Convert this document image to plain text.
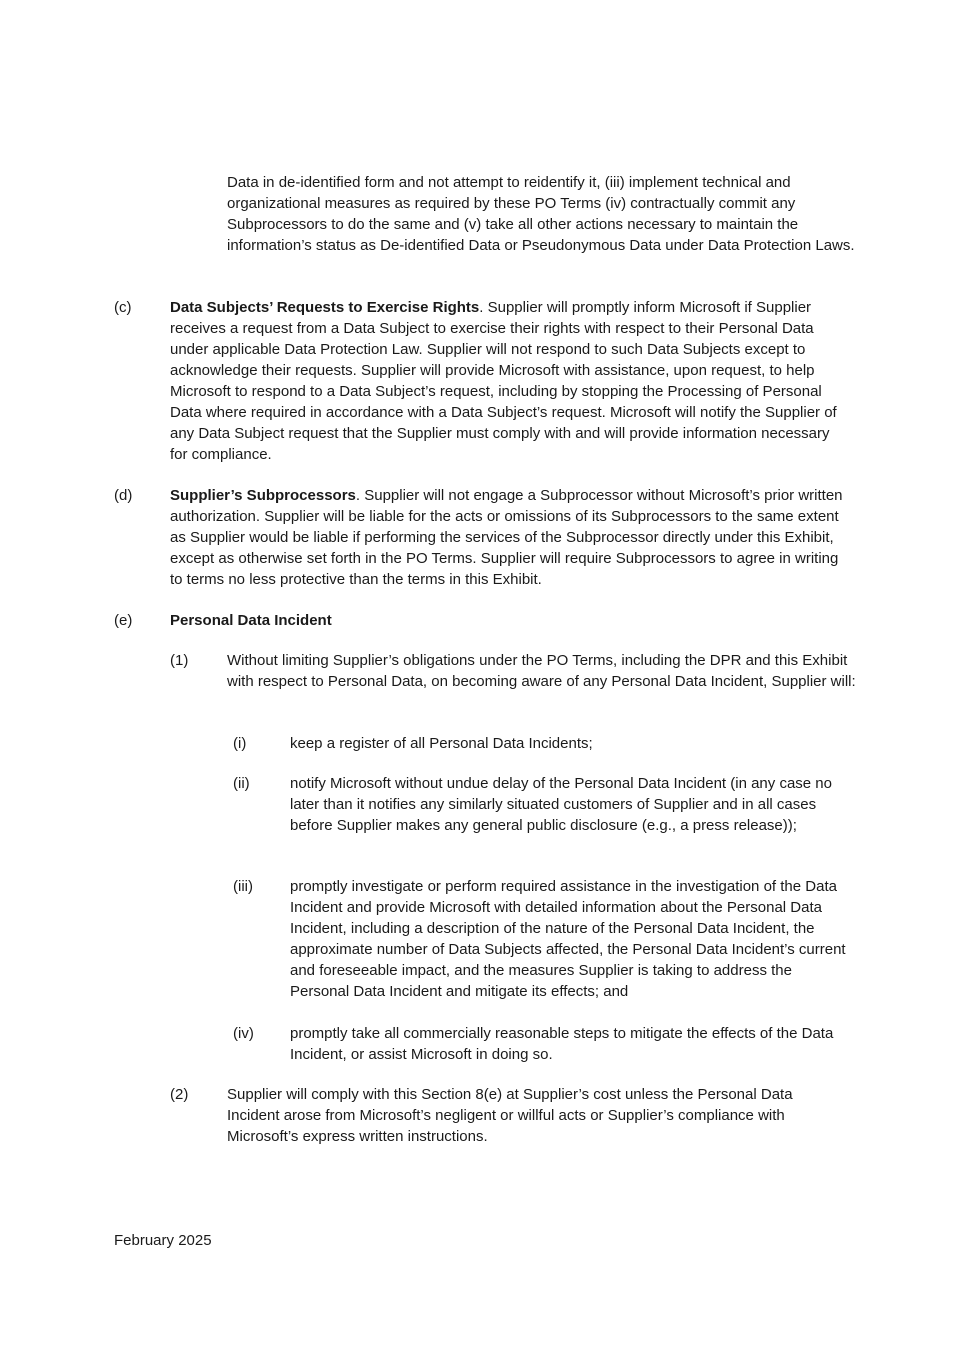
Data in de-identified form and not attempt to reidentify it, (iii) implement technical and organizational measures as required by these PO Terms (iv) contractually commit any Subprocessors to do the same and (v) take all other actions necessary to maintain the information’s status as De-identified Data or Pseudonymous Data under Data Protection Laws.
(c)	Data Subjects’ Requests to Exercise Rights. Supplier will promptly inform Microsoft if Supplier receives a request from a Data Subject to exercise their rights with respect to their Personal Data under applicable Data Protection Law. Supplier will not respond to such Data Subjects except to acknowledge their requests. Supplier will provide Microsoft with assistance, upon request, to help Microsoft to respond to a Data Subject’s request, including by stopping the Processing of Personal Data where required in accordance with a Data Subject’s request. Microsoft will notify the Supplier of any Data Subject request that the Supplier must comply with and will provide information necessary for compliance.
(d)	Supplier’s Subprocessors. Supplier will not engage a Subprocessor without Microsoft’s prior written authorization. Supplier will be liable for the acts or omissions of its Subprocessors to the same extent as Supplier would be liable if performing the services of the Subprocessor directly under this Exhibit, except as otherwise set forth in the PO Terms. Supplier will require Subprocessors to agree in writing to terms no less protective than the terms in this Exhibit.
(e)	Personal Data Incident
(1)	Without limiting Supplier’s obligations under the PO Terms, including the DPR and this Exhibit with respect to Personal Data, on becoming aware of any Personal Data Incident, Supplier will:
(i)	keep a register of all Personal Data Incidents;
(ii)	notify Microsoft without undue delay of the Personal Data Incident (in any case no later than it notifies any similarly situated customers of Supplier and in all cases before Supplier makes any general public disclosure (e.g., a press release));
(iii) promptly investigate or perform required assistance in the investigation of the Data Incident and provide Microsoft with detailed information about the Personal Data Incident, including a description of the nature of the Personal Data Incident, the approximate number of Data Subjects affected, the Personal Data Incident’s current and foreseeable impact, and the measures Supplier is taking to address the Personal Data Incident and mitigate its effects; and
(iv) promptly take all commercially reasonable steps to mitigate the effects of the Data Incident, or assist Microsoft in doing so.
(2)	Supplier will comply with this Section 8(e) at Supplier’s cost unless the Personal Data Incident arose from Microsoft’s negligent or willful acts or Supplier’s compliance with Microsoft’s express written instructions.
February 2025
